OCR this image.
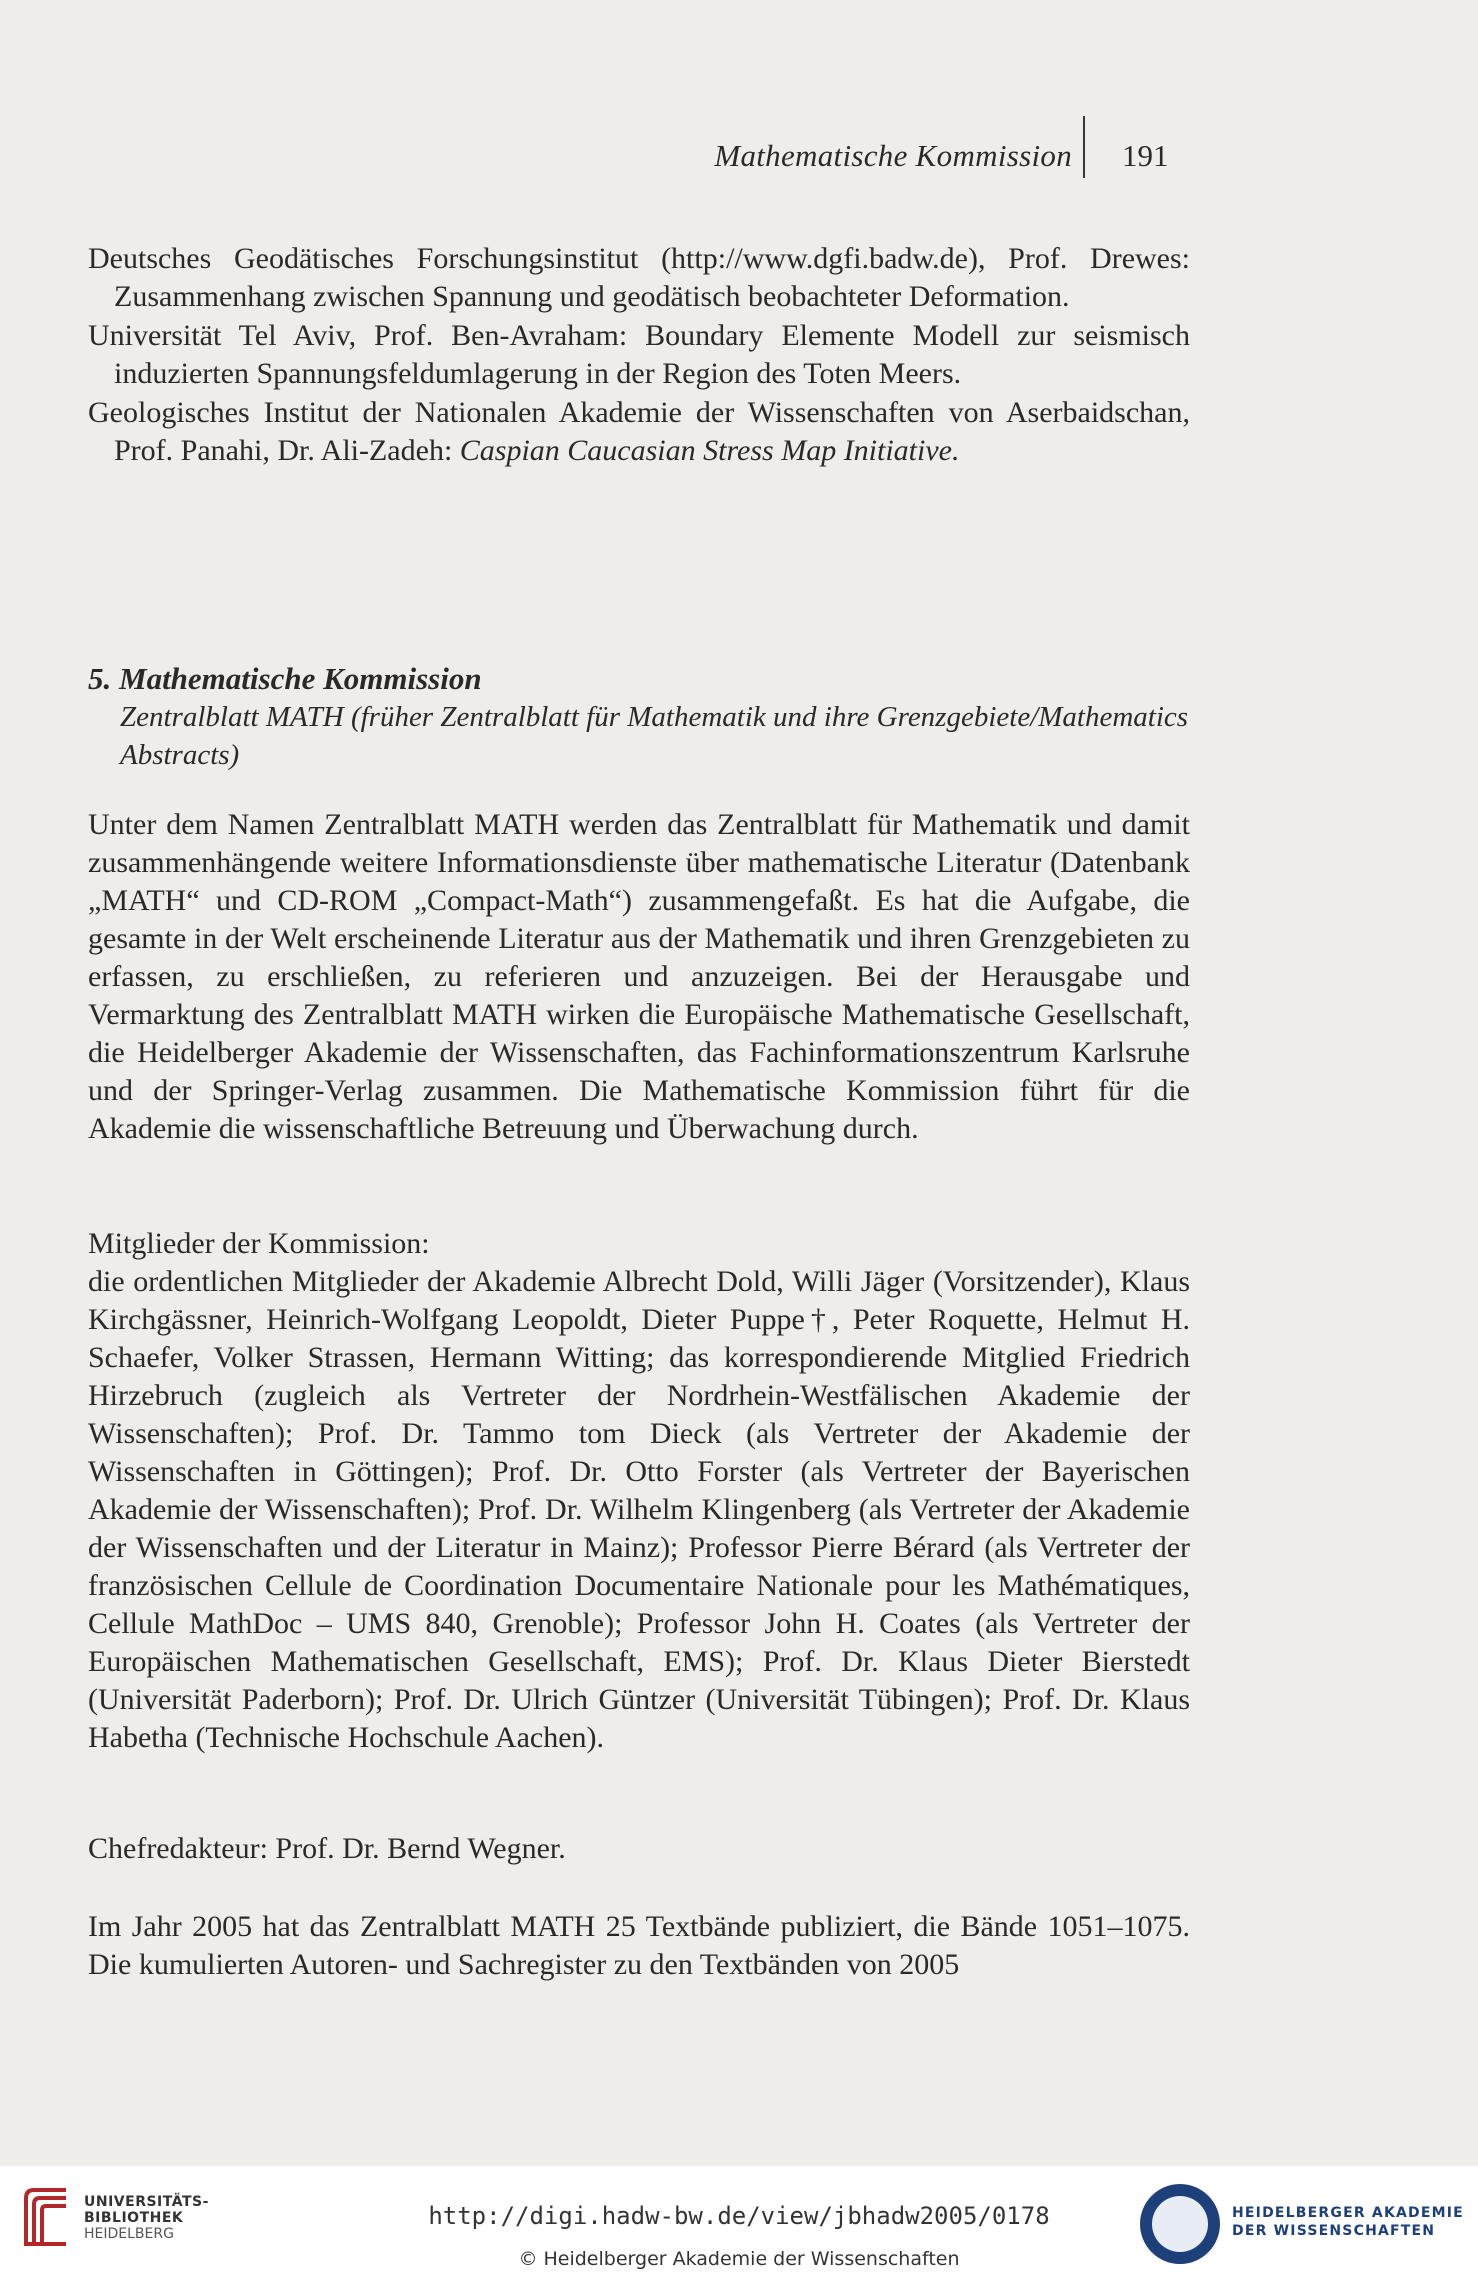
Mathematische Kommission 191

Deutsches Geodätisches Forschungsinstitut (http://www.dgfi.badw.de), Prof. Drewes: Zusammenhang zwischen Spannung und geodätisch beobachteter Deformation.

Universität Tel Aviv, Prof. Ben-Avraham: Boundary Elemente Modell zur seismisch induzierten Spannungsfeldumlagerung in der Region des Toten Meers.

Geologisches Institut der Nationalen Akademie der Wissenschaften von Aserbaidschan, Prof. Panahi, Dr. Ali-Zadeh: Caspian Caucasian Stress Map Initiative.

5. Mathematische Kommission

Zentralblatt MATH (früher Zentralblatt für Mathematik und ihre Grenzgebiete/Mathematics Abstracts)

Unter dem Namen Zentralblatt MATH werden das Zentralblatt für Mathematik und damit zusammenhängende weitere Informationsdienste über mathematische Literatur (Datenbank „MATH“ und CD-ROM „Compact-Math“) zusammengefaßt. Es hat die Aufgabe, die gesamte in der Welt erscheinende Literatur aus der Mathematik und ihren Grenzgebieten zu erfassen, zu erschließen, zu referieren und anzuzeigen. Bei der Herausgabe und Vermarktung des Zentralblatt MATH wirken die Europäische Mathematische Gesellschaft, die Heidelberger Akademie der Wissenschaften, das Fachinformationszentrum Karlsruhe und der Springer-Verlag zusammen. Die Mathematische Kommission führt für die Akademie die wissenschaftliche Betreuung und Überwachung durch.

Mitglieder der Kommission:

die ordentlichen Mitglieder der Akademie Albrecht Dold, Willi Jäger (Vorsitzender), Klaus Kirchgässner, Heinrich-Wolfgang Leopoldt, Dieter Puppe†, Peter Roquette, Helmut H. Schaefer, Volker Strassen, Hermann Witting; das korrespondierende Mitglied Friedrich Hirzebruch (zugleich als Vertreter der Nordrhein-Westfälischen Akademie der Wissenschaften); Prof. Dr. Tammo tom Dieck (als Vertreter der Akademie der Wissenschaften in Göttingen); Prof. Dr. Otto Forster (als Vertreter der Bayerischen Akademie der Wissenschaften); Prof. Dr. Wilhelm Klingenberg (als Vertreter der Akademie der Wissenschaften und der Literatur in Mainz); Professor Pierre Bérard (als Vertreter der französischen Cellule de Coordination Documentaire Nationale pour les Mathématiques, Cellule MathDoc – UMS 840, Grenoble); Professor John H. Coates (als Vertreter der Europäischen Mathematischen Gesellschaft, EMS); Prof. Dr. Klaus Dieter Bierstedt (Universität Paderborn); Prof. Dr. Ulrich Güntzer (Universität Tübingen); Prof. Dr. Klaus Habetha (Technische Hochschule Aachen).

Chefredakteur: Prof. Dr. Bernd Wegner.

Im Jahr 2005 hat das Zentralblatt MATH 25 Textbände publiziert, die Bände 1051–1075. Die kumulierten Autoren- und Sachregister zu den Textbänden von 2005

UNIVERSITÄTS-
BIBLIOTHEK
HEIDELBERG
http://digi.hadw-bw.de/view/jbhadw2005/0178
© Heidelberger Akademie der Wissenschaften
HEIDELBERGER AKADEMIE
DER WISSENSCHAFTEN
